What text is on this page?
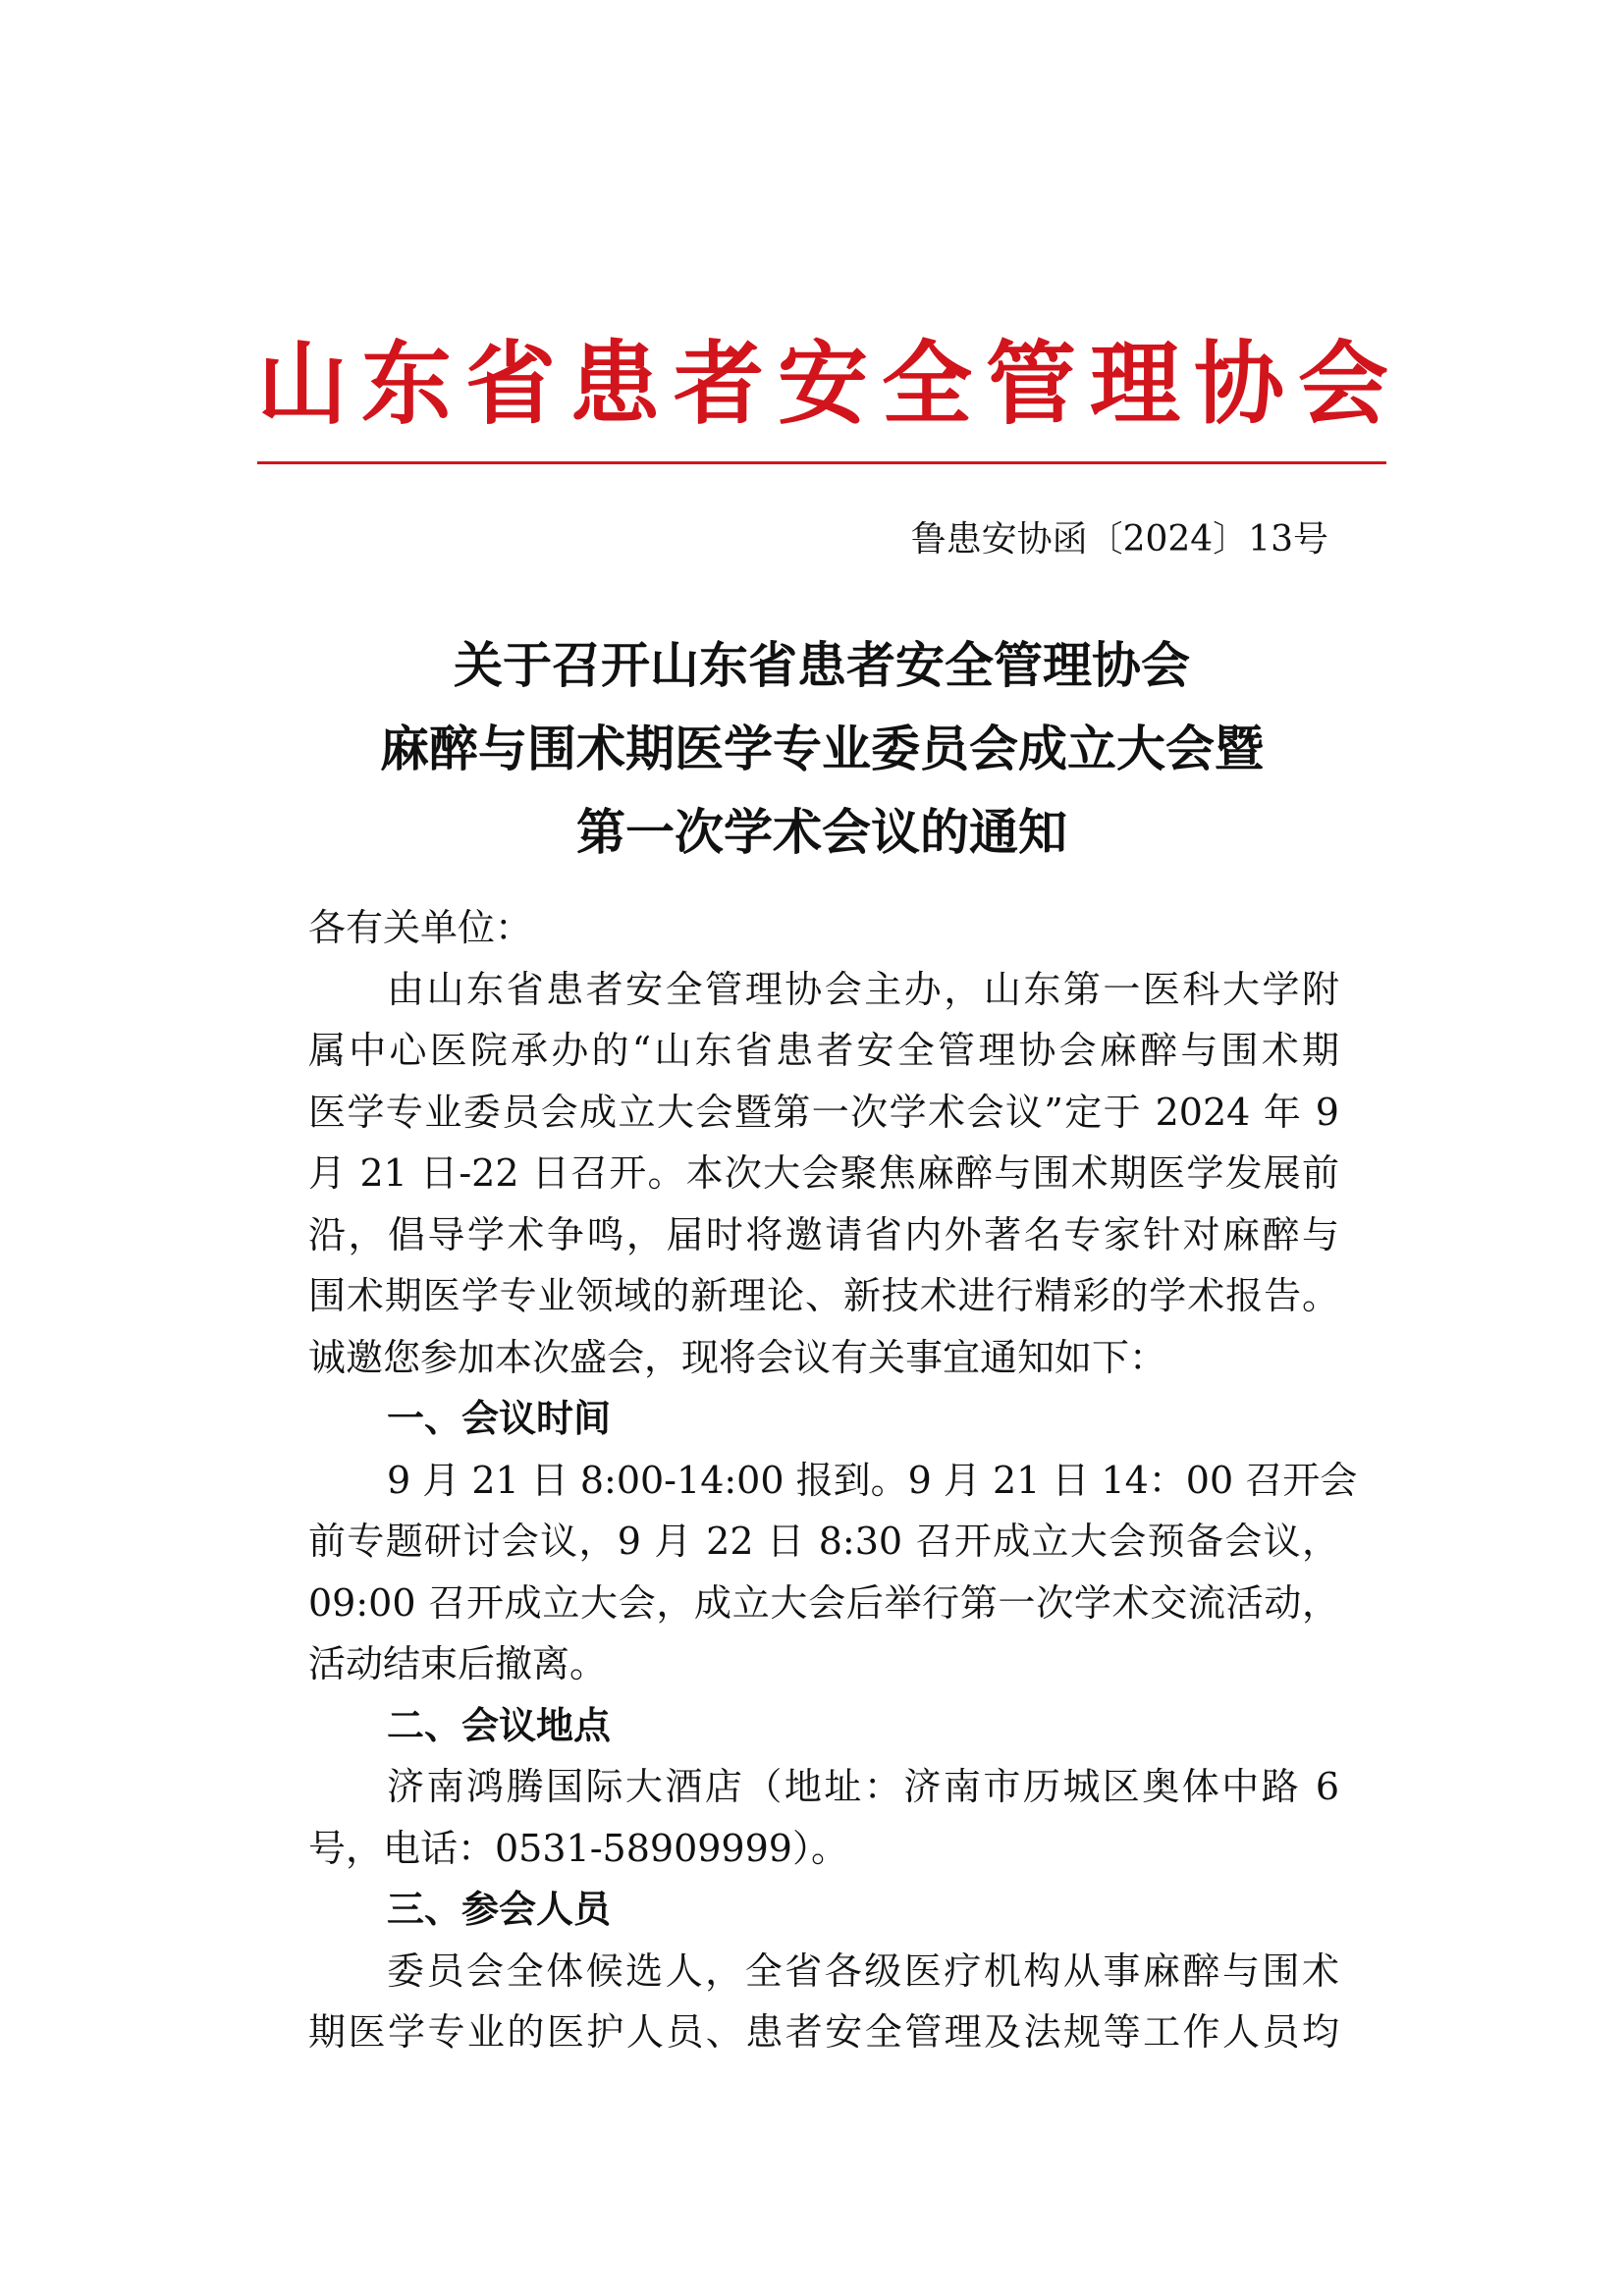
山东省患者安全管理协会
鲁患安协函〔2024〕13号
关于召开山东省患者安全管理协会
麻醉与围术期医学专业委员会成立大会暨
第一次学术会议的通知
各有关单位：
由山东省患者安全管理协会主办，山东第一医科大学附
属中心医院承办的“山东省患者安全管理协会麻醉与围术期
医学专业委员会成立大会暨第一次学术会议”定于 2024 年 9
月 21 日-22 日召开。本次大会聚焦麻醉与围术期医学发展前
沿，倡导学术争鸣，届时将邀请省内外著名专家针对麻醉与
围术期医学专业领域的新理论、新技术进行精彩的学术报告。
诚邀您参加本次盛会，现将会议有关事宜通知如下：
一、会议时间
9 月 21 日 8:00-14:00 报到。9 月 21 日 14：00 召开会
前专题研讨会议，9 月 22 日 8:30 召开成立大会预备会议，
09:00 召开成立大会，成立大会后举行第一次学术交流活动，
活动结束后撤离。
二、会议地点
济南鸿腾国际大酒店（地址：济南市历城区奥体中路 6
号，电话：0531-58909999）。
三、参会人员
委员会全体候选人，全省各级医疗机构从事麻醉与围术
期医学专业的医护人员、患者安全管理及法规等工作人员均
